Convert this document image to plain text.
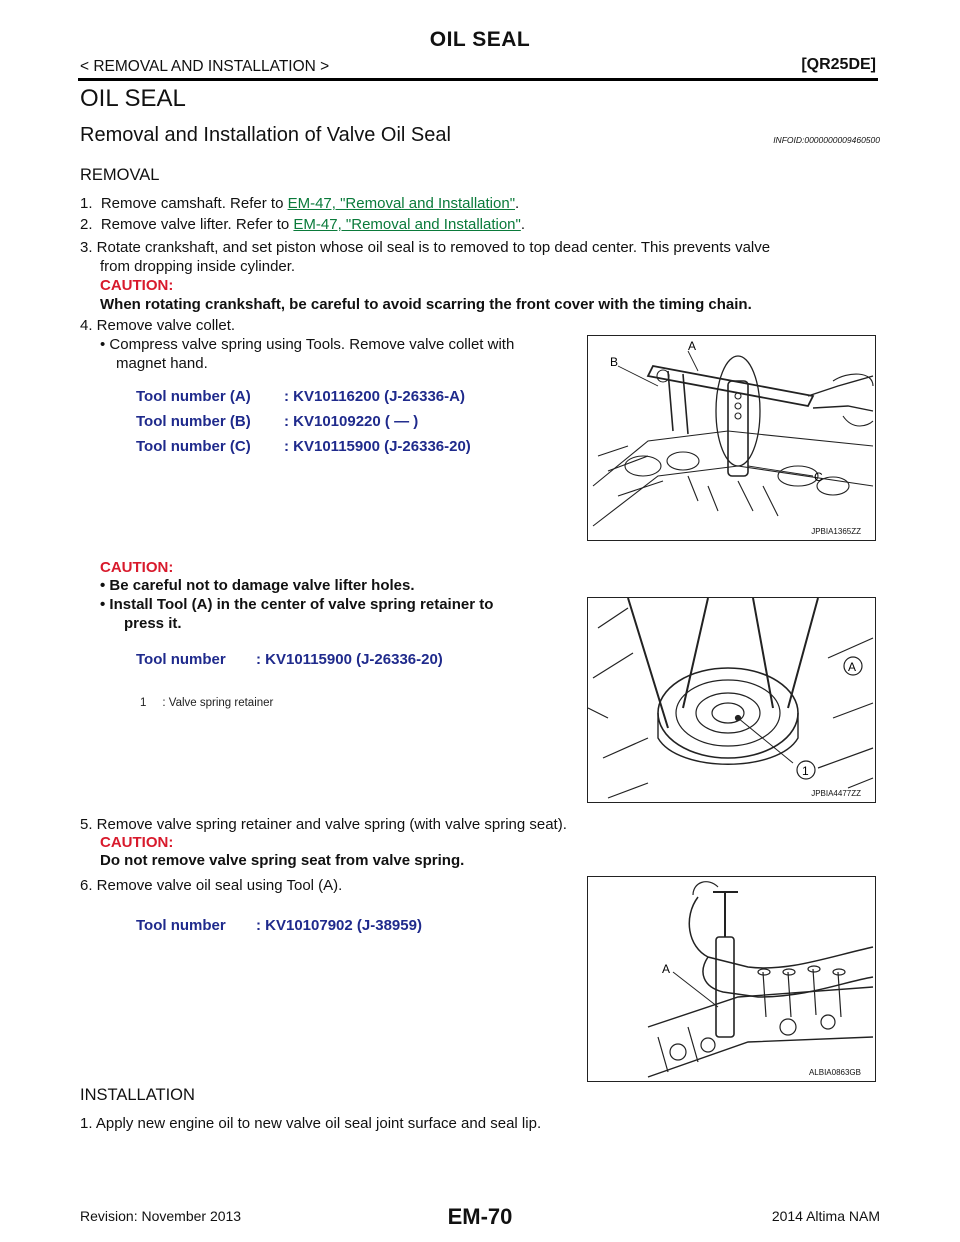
OIL SEAL
< REMOVAL AND INSTALLATION >	[QR25DE]
OIL SEAL
Removal and Installation of Valve Oil Seal	INFOID:0000000009460500
REMOVAL
1.  Remove camshaft. Refer to EM-47, "Removal and Installation".
2.  Remove valve lifter. Refer to EM-47, "Removal and Installation".
3. Rotate crankshaft, and set piston whose oil seal is to removed to top dead center. This prevents valve
from dropping inside cylinder.
CAUTION:
When rotating crankshaft, be careful to avoid scarring the front cover with the timing chain.
4. Remove valve collet.
• Compress valve spring using Tools. Remove valve collet with
magnet hand.
Tool number (A) : KV10116200 (J-26336-A)
Tool number (B) : KV10109220 ( — )
Tool number (C) : KV10115900 (J-26336-20)
A
B
C
JPBIA1365ZZ
CAUTION:
• Be careful not to damage valve lifter holes.
• Install Tool (A) in the center of valve spring retainer to
press it.
Tool number : KV10115900 (J-26336-20)
1     : Valve spring retainer
A
1
JPBIA4477ZZ
5. Remove valve spring retainer and valve spring (with valve spring seat).
CAUTION:
Do not remove valve spring seat from valve spring.
6. Remove valve oil seal using Tool (A).
Tool number : KV10107902 (J-38959)
A
ALBIA0863GB
INSTALLATION
1. Apply new engine oil to new valve oil seal joint surface and seal lip.
Revision: November 2013	EM-70	2014 Altima NAM
